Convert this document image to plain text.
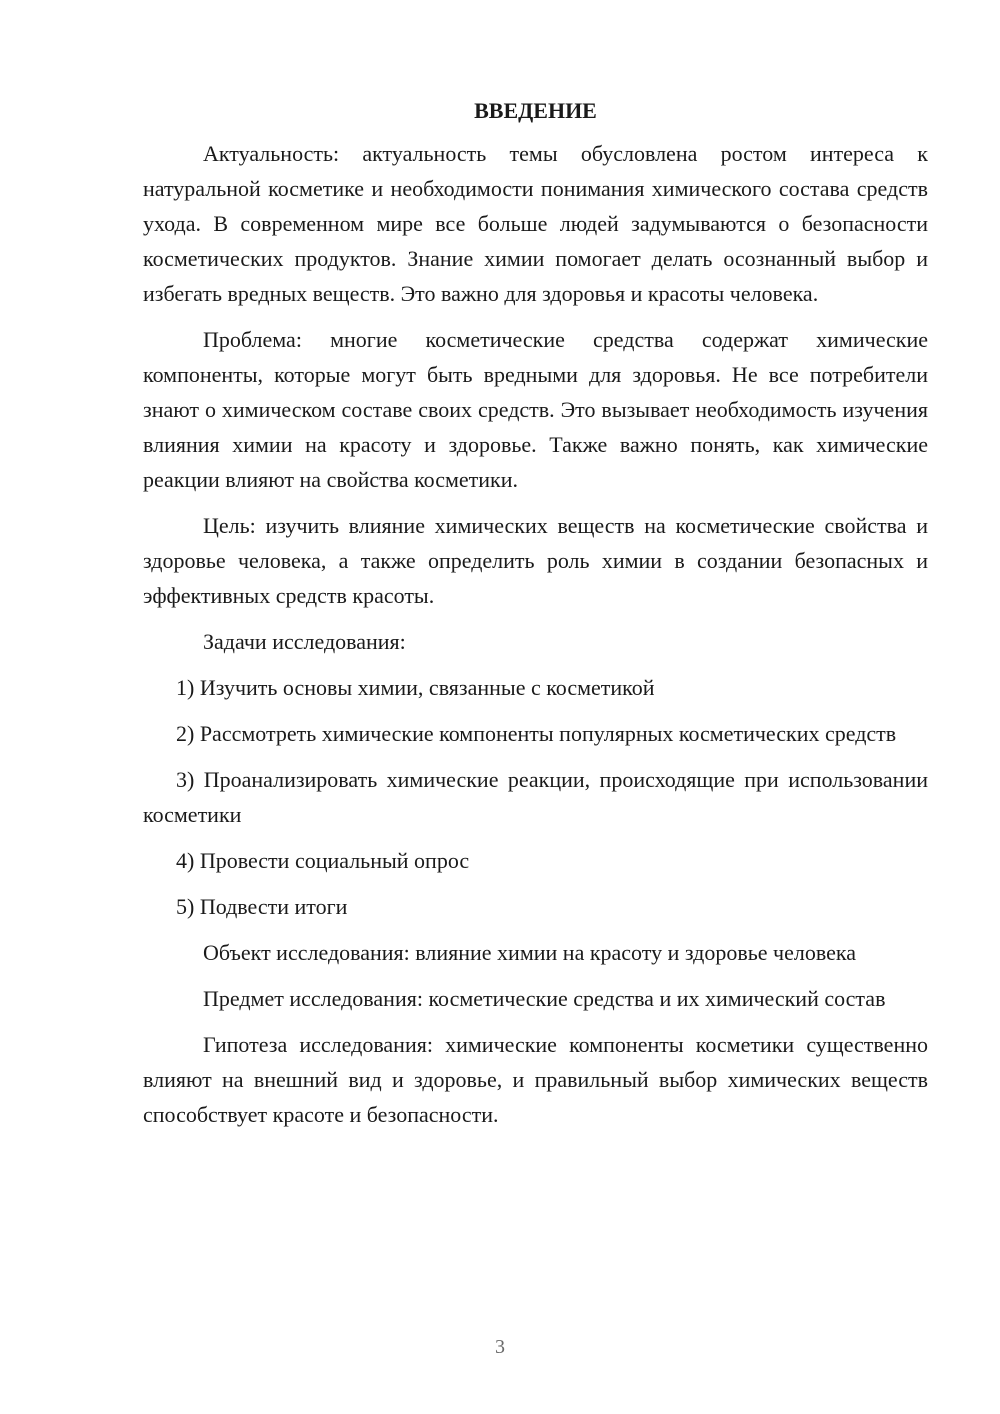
ВВЕДЕНИЕ

Актуальность: актуальность темы обусловлена ростом интереса к натуральной косметике и необходимости понимания химического состава средств ухода. В современном мире все больше людей задумываются о безопасности косметических продуктов. Знание химии помогает делать осознанный выбор и избегать вредных веществ. Это важно для здоровья и красоты человека.

Проблема: многие косметические средства содержат химические компоненты, которые могут быть вредными для здоровья. Не все потребители знают о химическом составе своих средств. Это вызывает необходимость изучения влияния химии на красоту и здоровье. Также важно понять, как химические реакции влияют на свойства косметики.

Цель: изучить влияние химических веществ на косметические свойства и здоровье человека, а также определить роль химии в создании безопасных и эффективных средств красоты.

Задачи исследования:

1) Изучить основы химии, связанные с косметикой

2) Рассмотреть химические компоненты популярных косметических средств

3) Проанализировать химические реакции, происходящие при использовании косметики

4) Провести социальный опрос

5) Подвести итоги

Объект исследования: влияние химии на красоту и здоровье человека

Предмет исследования: косметические средства и их химический состав

Гипотеза исследования: химические компоненты косметики существенно влияют на внешний вид и здоровье, и правильный выбор химических веществ способствует красоте и безопасности.

3
